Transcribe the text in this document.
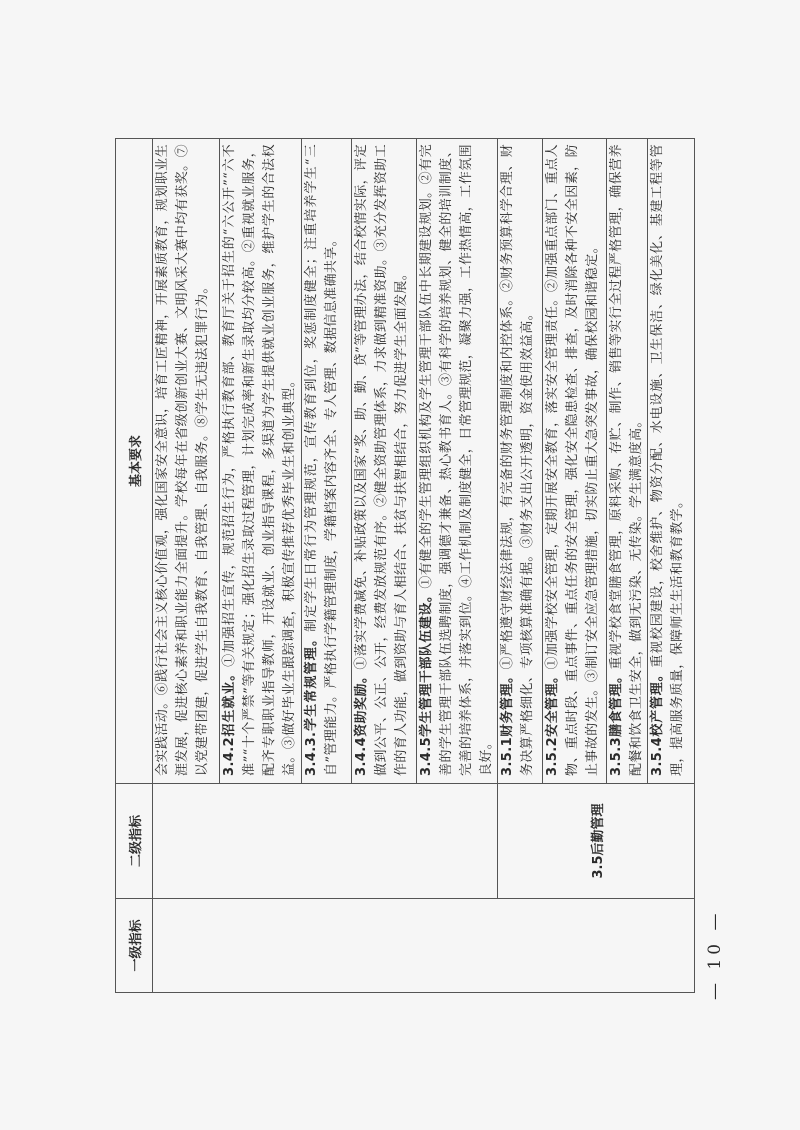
一级指标	二级指标	基本要求
		会实践活动。⑥践行社会主义核心价值观，强化国家安全意识，培育工匠精神，开展素质教育，规划职业生涯发展，促进核心素养和职业能力全面提升。学校每年在省级创新创业大赛、文明风采大赛中均有获奖。⑦以党建带团建，促进学生自我教育、自我管理、自我服务。⑧学生无违法犯罪行为。
		3.4.2招生就业。①加强招生宣传，规范招生行为，严格执行教育部、教育厅关于招生的“六公开”“六不准”“十个严禁”等有关规定；强化招生录取过程管理，计划完成率和新生录取均分较高。②重视就业服务，配齐专职职业指导教师，开设就业、创业指导课程，多渠道为学生提供就业创业服务，维护学生的合法权益。③做好毕业生跟踪调查，积极宣传推荐优秀毕业生和创业典型。
		3.4.3.学生常规管理。制定学生日常行为管理规范，宣传教育到位，奖惩制度健全；注重培养学生“三自”管理能力。严格执行学籍管理制度，学籍档案内容齐全、专人管理、数据信息准确共享。
		3.4.4资助奖励。①落实学费减免、补贴政策以及国家“奖、助、勤、贷”等管理办法，结合校情实际，评定做到公平、公正、公开，经费发放规范有序。②健全资助管理体系，力求做到精准资助。③充分发挥资助工作的育人功能，做到资助与育人相结合、扶贫与扶智相结合，努力促进学生全面发展。
		3.4.5学生管理干部队伍建设。①有健全的学生管理组织机构及学生管理干部队伍中长期建设规划。②有完善的学生管理干部队伍选聘制度，强调德才兼备、热心教书育人。③有科学的培养规划、健全的培训制度、完善的培养体系，并落实到位。④工作机制及制度健全，日常管理规范，凝聚力强，工作热情高，工作氛围良好。
	3.5后勤管理	3.5.1财务管理。①严格遵守财经法律法规，有完备的财务管理制度和内控体系。②财务预算科学合理、财务决算严格细化、专项核算准确有据。③财务支出公开透明，资金使用效益高。
		3.5.2安全管理。①加强学校安全管理，定期开展安全教育，落实安全管理责任。②加强重点部门、重点人物、重点时段、重点事件、重点任务的安全管理，强化安全隐患检查、排查，及时消除各种不安全因素，防止事故的发生。③制订安全应急管理措施，切实防止重大急突发事故，确保校园和谐稳定。
		3.5.3膳食管理。重视学校食堂膳食管理，原料采购、存贮、制作、销售等实行全过程严格管理，确保营养配餐和饮食卫生安全，做到无污染、无传染。学生满意度高。
		3.5.4校产管理。重视校园建设，校舍维护、物资分配、水电设施、卫生保洁、绿化美化、基建工程等管理，提高服务质量，保障师生生活和教育教学。
— 10 —
